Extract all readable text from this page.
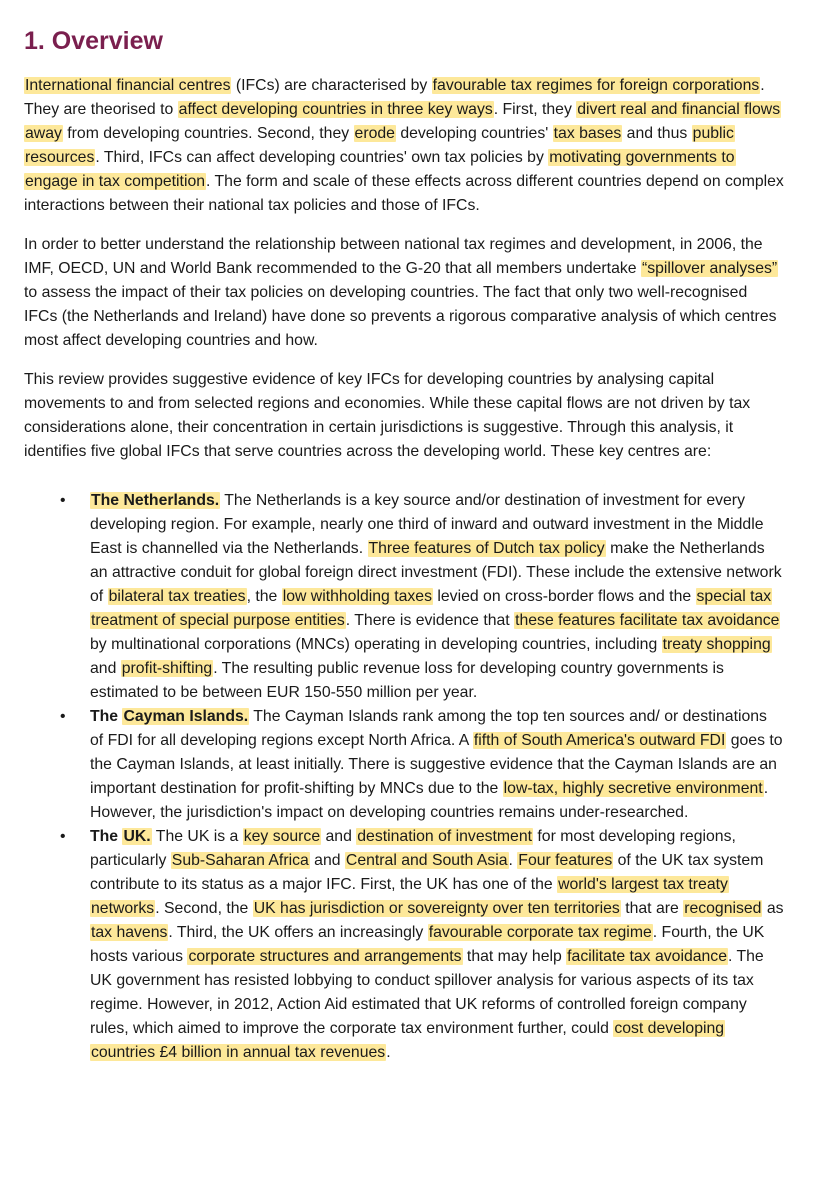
1. Overview

International financial centres (IFCs) are characterised by favourable tax regimes for foreign corporations. They are theorised to affect developing countries in three key ways. First, they divert real and financial flows away from developing countries. Second, they erode developing countries' tax bases and thus public resources. Third, IFCs can affect developing countries' own tax policies by motivating governments to engage in tax competition. The form and scale of these effects across different countries depend on complex interactions between their national tax policies and those of IFCs.

In order to better understand the relationship between national tax regimes and development, in 2006, the IMF, OECD, UN and World Bank recommended to the G-20 that all members undertake “spillover analyses” to assess the impact of their tax policies on developing countries. The fact that only two well-recognised IFCs (the Netherlands and Ireland) have done so prevents a rigorous comparative analysis of which centres most affect developing countries and how.

This review provides suggestive evidence of key IFCs for developing countries by analysing capital movements to and from selected regions and economies. While these capital flows are not driven by tax considerations alone, their concentration in certain jurisdictions is suggestive. Through this analysis, it identifies five global IFCs that serve countries across the developing world. These key centres are:

• The Netherlands. The Netherlands is a key source and/or destination of investment for every developing region. For example, nearly one third of inward and outward investment in the Middle East is channelled via the Netherlands. Three features of Dutch tax policy make the Netherlands an attractive conduit for global foreign direct investment (FDI). These include the extensive network of bilateral tax treaties, the low withholding taxes levied on cross-border flows and the special tax treatment of special purpose entities. There is evidence that these features facilitate tax avoidance by multinational corporations (MNCs) operating in developing countries, including treaty shopping and profit-shifting. The resulting public revenue loss for developing country governments is estimated to be between EUR 150-550 million per year.
• The Cayman Islands. The Cayman Islands rank among the top ten sources and/ or destinations of FDI for all developing regions except North Africa. A fifth of South America's outward FDI goes to the Cayman Islands, at least initially. There is suggestive evidence that the Cayman Islands are an important destination for profit-shifting by MNCs due to the low-tax, highly secretive environment. However, the jurisdiction's impact on developing countries remains under-researched.
• The UK. The UK is a key source and destination of investment for most developing regions, particularly Sub-Saharan Africa and Central and South Asia. Four features of the UK tax system contribute to its status as a major IFC. First, the UK has one of the world's largest tax treaty networks. Second, the UK has jurisdiction or sovereignty over ten territories that are recognised as tax havens. Third, the UK offers an increasingly favourable corporate tax regime. Fourth, the UK hosts various corporate structures and arrangements that may help facilitate tax avoidance. The UK government has resisted lobbying to conduct spillover analysis for various aspects of its tax regime. However, in 2012, Action Aid estimated that UK reforms of controlled foreign company rules, which aimed to improve the corporate tax environment further, could cost developing countries £4 billion in annual tax revenues.
